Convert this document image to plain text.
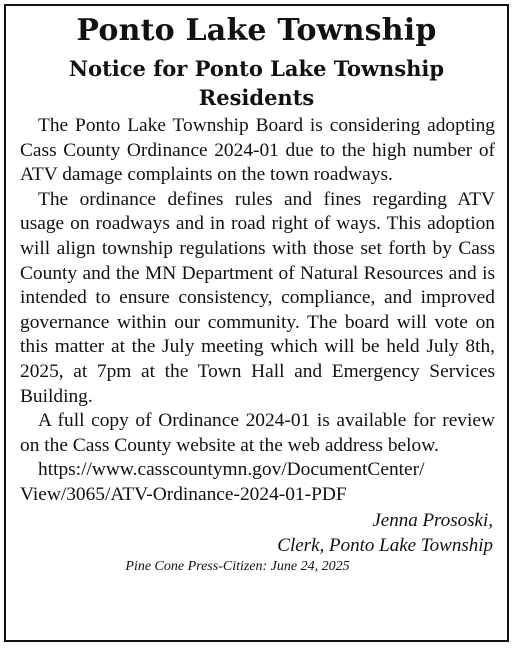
Ponto Lake Township
Notice for Ponto Lake Township
Residents

The Ponto Lake Township Board is considering adopting Cass County Ordinance 2024-01 due to the high number of ATV damage complaints on the town roadways.

The ordinance defines rules and fines regarding ATV usage on roadways and in road right of ways. This adoption will align township regulations with those set forth by Cass County and the MN Department of Natural Resources and is intended to ensure consistency, compliance, and improved governance within our community. The board will vote on this matter at the July meeting which will be held July 8th, 2025, at 7pm at the Town Hall and Emergency Services Building.

A full copy of Ordinance 2024-01 is available for review on the Cass County website at the web address below.

https://www.casscountymn.gov/DocumentCenter/
View/3065/ATV-Ordinance-2024-01-PDF

Jenna Prososki,
Clerk, Ponto Lake Township

Pine Cone Press-Citizen: June 24, 2025
